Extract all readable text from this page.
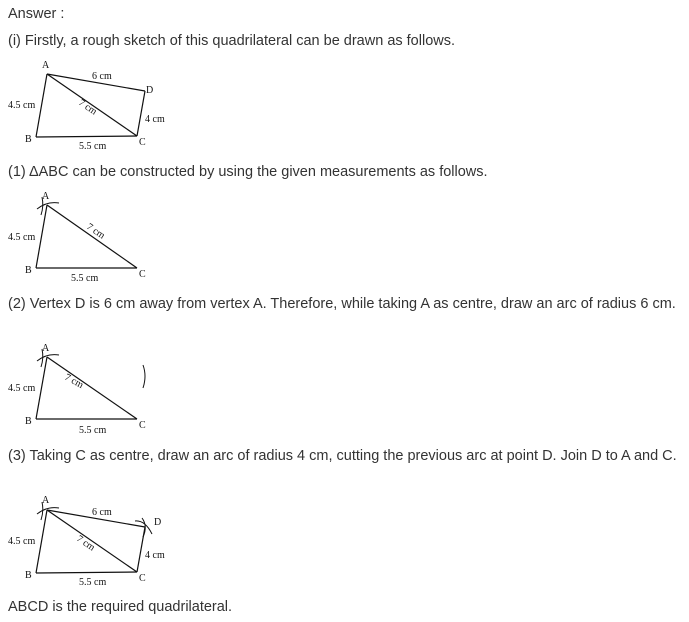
Answer :
(i) Firstly, a rough sketch of this quadrilateral can be drawn as follows.
A
D
B	C
6 cm
4.5 cm	7 cm
4 cm
5.5 cm
(1) ΔABC can be constructed by using the given measurements as follows.
A
B	C
4.5 cm	7 cm
5.5 cm
(2) Vertex D is 6 cm away from vertex A. Therefore, while taking A as centre, draw an arc of radius 6 cm.
A
B	C
4.5 cm	7 cm
5.5 cm
(3) Taking C as centre, draw an arc of radius 4 cm, cutting the previous arc at point D. Join D to A and C.
A
D
B	C
6 cm
4.5 cm	7 cm
4 cm
5.5 cm
ABCD is the required quadrilateral.
